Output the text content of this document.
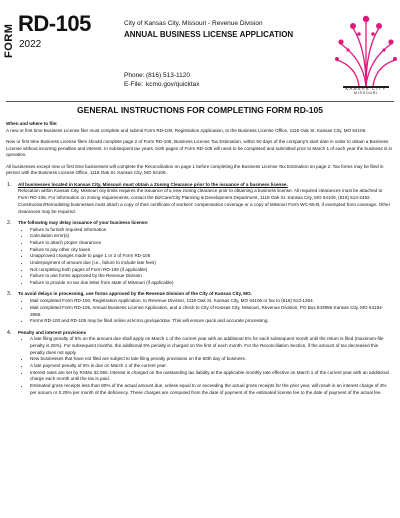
FORM
RD-105
2022
City of Kansas City, Missouri - Revenue Division
ANNUAL BUSINESS LICENSE APPLICATION
Phone:(816) 513-1120
E-File: kcmo.gov/quicktax
KANSAS CITY
MISSOURI
GENERAL INSTRUCTIONS FOR COMPLETING FORM RD-105

When and where to file:
A new or first time Business License filer must complete and submit Form RD-100, Registration Application, to the Business License Office, 1118 Oak St. Kansas City, MO 64106.

New or first time Business License filers should complete page 2 of Form RD-105, Business License Tax Estimation, within 60 days of the company's start date in order to obtain a Business License without incurring penalties and interest. In subsequent tax years, both pages of Form RD-105 will need to be completed and submitted prior to March 1 of each year the business is in operation.

All businesses except new or first time businesses will complete the Reconciliation on page 1 before completing the Business License Tax Estimation on page 2. Tax forms may be filed in person with the Business License Office, 1118 Oak St. Kansas City, MO 64106.

1.	All businesses located in Kansas City, Missouri must obtain a Zoning Clearance prior to the issuance of a business license.
Relocation within Kansas City, Missouri city limits requires the issuance of a new zoning clearance prior to obtaining a business license. All required clearances must be attached to Form RD-105. For information on zoning requirements, contact the BizCare/City Planning & Development Department, 1118 Oak St. Kansas City, MO 64106, (816) 513-2492. Construction/Remodeling businesses must attach a copy of their certificate of workers' compensation coverage or a copy of Missouri Form WC-65-B, if exempted from coverage. Other clearances may be required.
2.	The following may delay issuance of your business license:
• Failure to furnish required information
• Calculation error(s)
• Failure to attach proper clearances
• Failure to pay other city taxes
• Unapproved changes made to page 1 or 2 of Form RD-105
• Underpayment of amount due (i.e., failure to include late fees)
• Not completing both pages of Form RD-105 (if applicable)
• Failure to use forms approved by the Revenue Division
• Failure to provide no tax due letter from state of Missouri (if applicable)
3.	To avoid delays in processing, use forms approved by the Revenue Division of the City of Kansas City, MO.
• Mail completed Form RD-100, Registration Application, to Revenue Division, 1118 Oak St. Kansas City, MO 64106 or fax to (816) 513-1264.
• Mail completed Form RD-105, Annual Business License Application, and a check to City of Kansas City, Missouri, Revenue Division, PO Box 843956 Kansas City, MO 64184-3956.
• Forms RD-100 and RD-105 may be filed online at kcmo.gov/quicktax. This will ensure quick and accurate processing.
4.	Penalty and interest provisions
• A late filing penalty of 5% on the amount due shall apply on March 1 of the current year with an additional 5% for each subsequent month until the return is filed (maximum-file penalty is 25%). For subsequent months, the additional 5% penalty is charged on the first of each month. For the Reconciliation Section, if the amount of tax decreased this penalty does not apply.
• New businesses that have not filed are subject to late filing penalty provisions on the 60th day of business.
• A late payment penalty of 5% is due on March 1 of the current year.
• Interest rates are set by RSMo 32.065. Interest is charged on the outstanding tax liability at the applicable monthly rate effective on March 1 of the current year with an additional charge each month until the tax is paid.
• Estimated gross receipts less than 80% of the actual amount due, unless equal to or exceeding the actual gross receipts for the prior year, will result in an interest charge of 3% per annum or 0.25% per month of the deficiency. These charges are computed from the date of payment of the estimated license fee to the date of payment of the actual fee.
